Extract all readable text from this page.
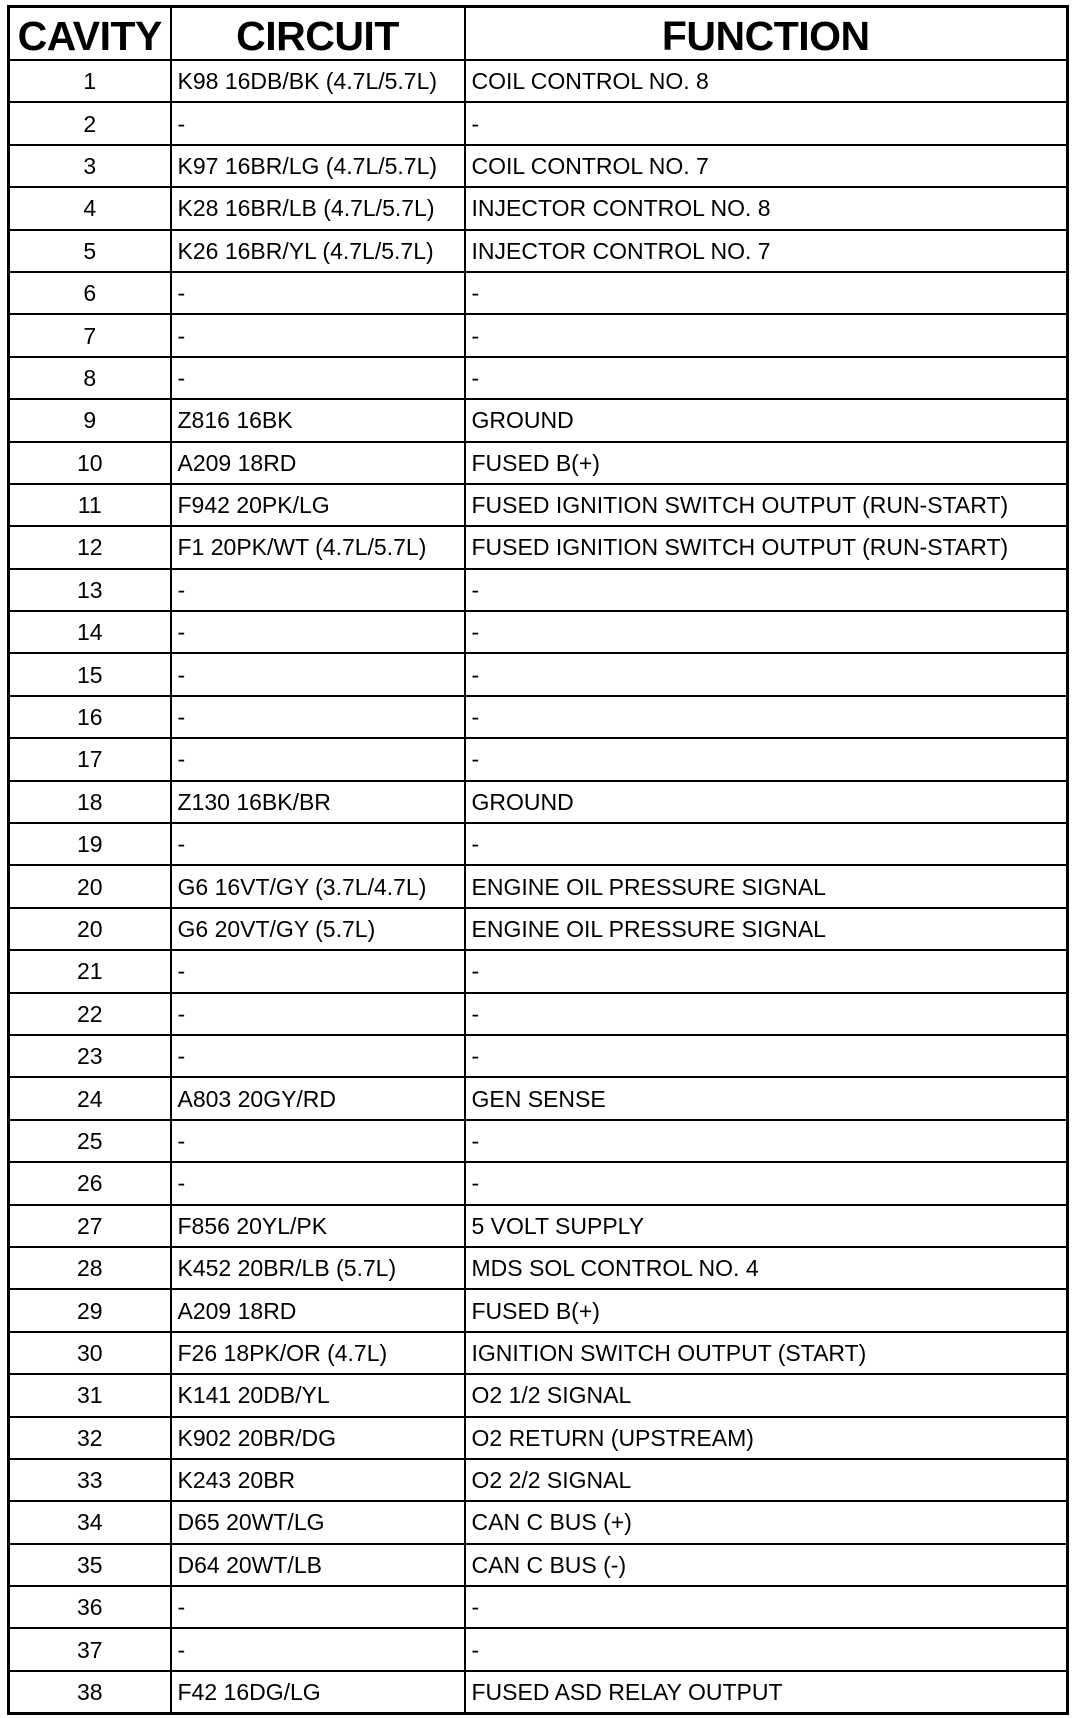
CAVITY	CIRCUIT	FUNCTION
1	K98 16DB/BK (4.7L/5.7L)	COIL CONTROL NO. 8
2	-	-
3	K97 16BR/LG (4.7L/5.7L)	COIL CONTROL NO. 7
4	K28 16BR/LB (4.7L/5.7L)	INJECTOR CONTROL NO. 8
5	K26 16BR/YL (4.7L/5.7L)	INJECTOR CONTROL NO. 7
6	-	-
7	-	-
8	-	-
9	Z816 16BK	GROUND
10	A209 18RD	FUSED B(+)
11	F942 20PK/LG	FUSED IGNITION SWITCH OUTPUT (RUN-START)
12	F1 20PK/WT (4.7L/5.7L)	FUSED IGNITION SWITCH OUTPUT (RUN-START)
13	-	-
14	-	-
15	-	-
16	-	-
17	-	-
18	Z130 16BK/BR	GROUND
19	-	-
20	G6 16VT/GY (3.7L/4.7L)	ENGINE OIL PRESSURE SIGNAL
20	G6 20VT/GY (5.7L)	ENGINE OIL PRESSURE SIGNAL
21	-	-
22	-	-
23	-	-
24	A803 20GY/RD	GEN SENSE
25	-	-
26	-	-
27	F856 20YL/PK	5 VOLT SUPPLY
28	K452 20BR/LB (5.7L)	MDS SOL CONTROL NO. 4
29	A209 18RD	FUSED B(+)
30	F26 18PK/OR (4.7L)	IGNITION SWITCH OUTPUT (START)
31	K141 20DB/YL	O2 1/2 SIGNAL
32	K902 20BR/DG	O2 RETURN (UPSTREAM)
33	K243 20BR	O2 2/2 SIGNAL
34	D65 20WT/LG	CAN C BUS (+)
35	D64 20WT/LB	CAN C BUS (-)
36	-	-
37	-	-
38	F42 16DG/LG	FUSED ASD RELAY OUTPUT
